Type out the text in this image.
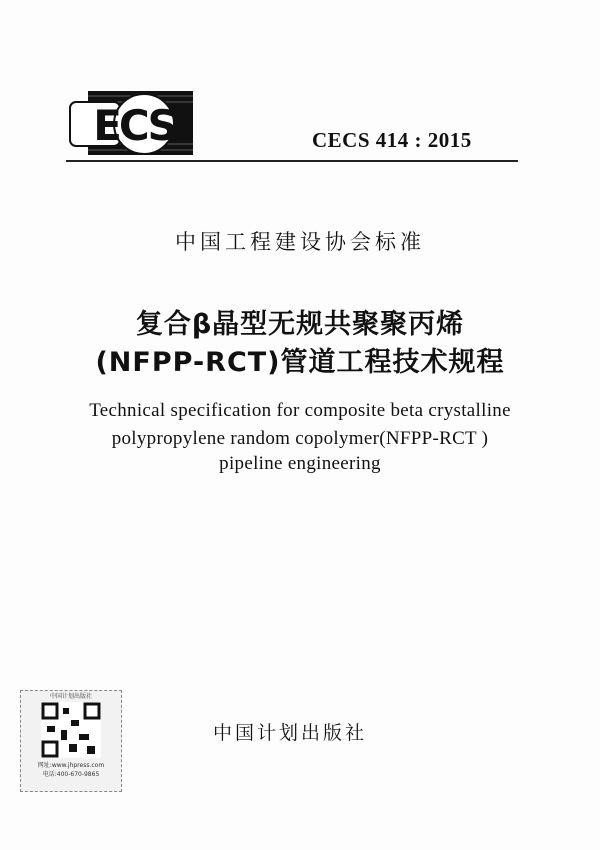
ECS	CECS 414 : 2015
中国工程建设协会标准
复合β晶型无规共聚聚丙烯
(NFPP-RCT)管道工程技术规程
Technical specification for composite beta crystalline
polypropylene random copolymer(NFPP-RCT )
pipeline engineering
中国计划出版社
网址:www.jhpress.com
电话:400-670-9865
中国计划出版社
